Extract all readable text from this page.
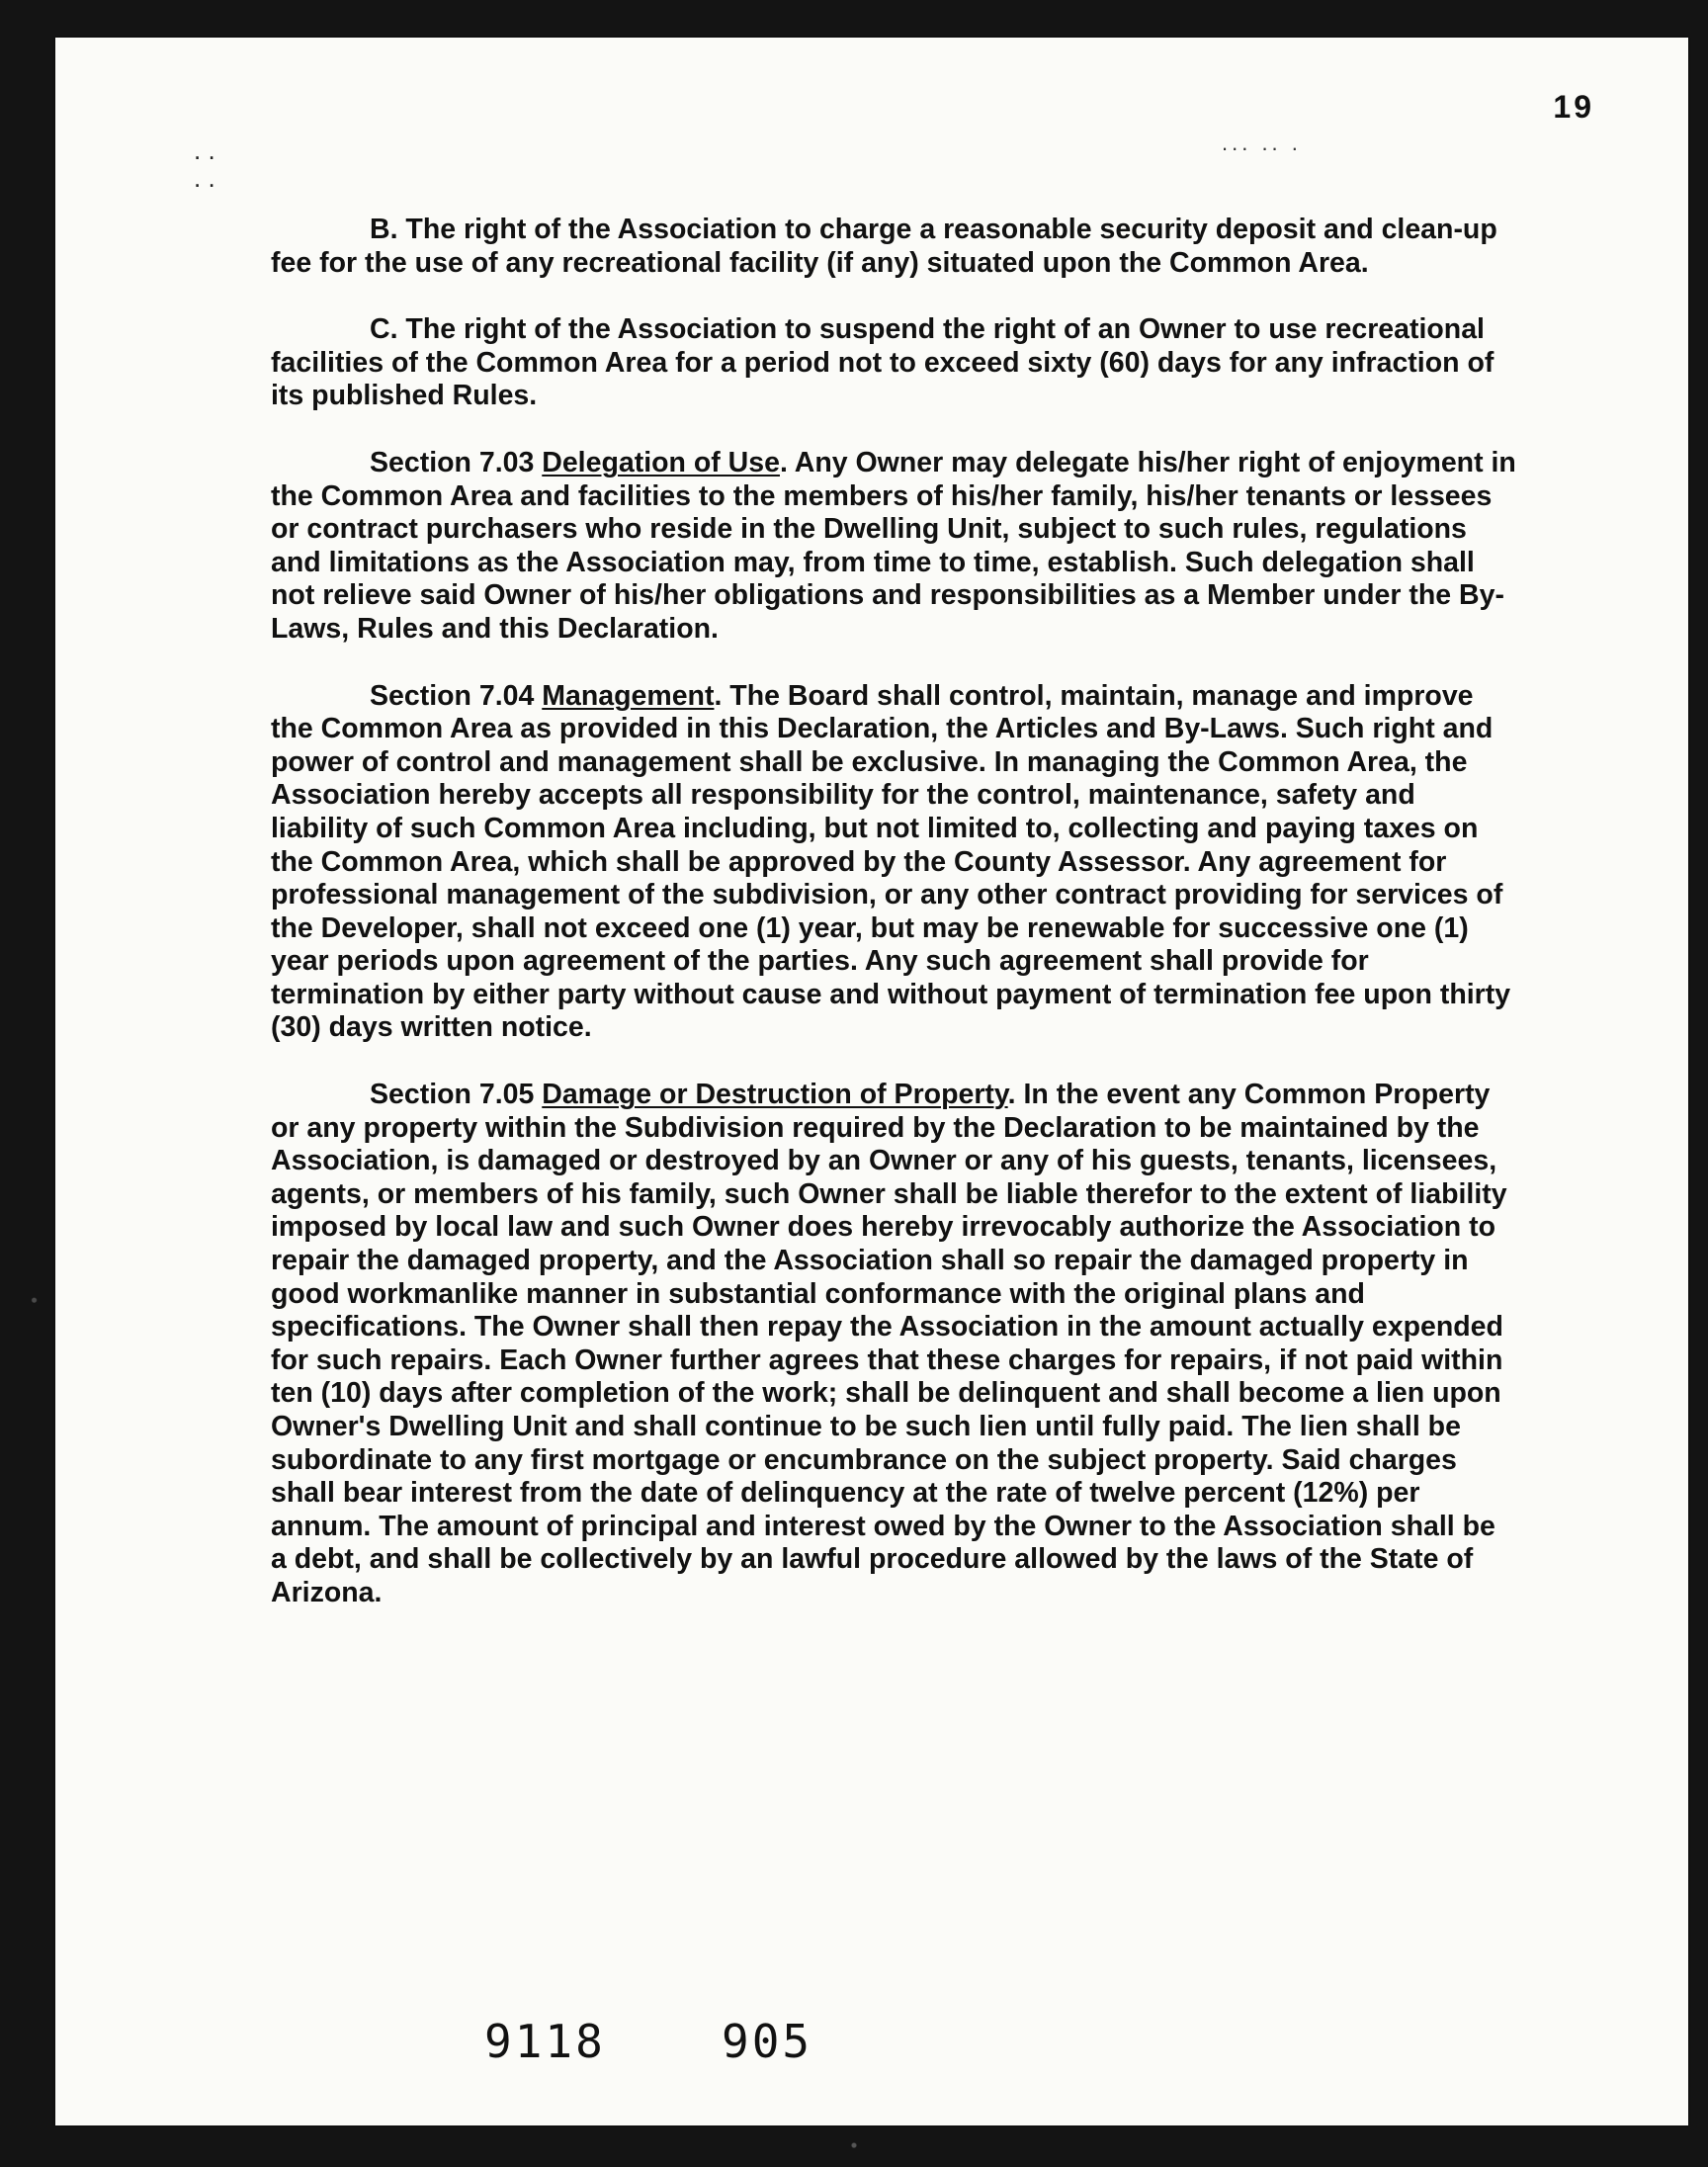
19
... .. .
. .
. .

B. The right of the Association to charge a reasonable security deposit and clean-up fee for the use of any recreational facility (if any) situated upon the Common Area.

C. The right of the Association to suspend the right of an Owner to use recreational facilities of the Common Area for a period not to exceed sixty (60) days for any infraction of its published Rules.

Section 7.03 Delegation of Use. Any Owner may delegate his/her right of enjoyment in the Common Area and facilities to the members of his/her family, his/her tenants or lessees or contract purchasers who reside in the Dwelling Unit, subject to such rules, regulations and limitations as the Association may, from time to time, establish. Such delegation shall not relieve said Owner of his/her obligations and responsibilities as a Member under the By-Laws, Rules and this Declaration.

Section 7.04 Management. The Board shall control, maintain, manage and improve the Common Area as provided in this Declaration, the Articles and By-Laws. Such right and power of control and management shall be exclusive. In managing the Common Area, the Association hereby accepts all responsibility for the control, maintenance, safety and liability of such Common Area including, but not limited to, collecting and paying taxes on the Common Area, which shall be approved by the County Assessor. Any agreement for professional management of the subdivision, or any other contract providing for services of the Developer, shall not exceed one (1) year, but may be renewable for successive one (1) year periods upon agreement of the parties. Any such agreement shall provide for termination by either party without cause and without payment of termination fee upon thirty (30) days written notice.

Section 7.05 Damage or Destruction of Property. In the event any Common Property or any property within the Subdivision required by the Declaration to be maintained by the Association, is damaged or destroyed by an Owner or any of his guests, tenants, licensees, agents, or members of his family, such Owner shall be liable therefor to the extent of liability imposed by local law and such Owner does hereby irrevocably authorize the Association to repair the damaged property, and the Association shall so repair the damaged property in good workmanlike manner in substantial conformance with the original plans and specifications. The Owner shall then repay the Association in the amount actually expended for such repairs. Each Owner further agrees that these charges for repairs, if not paid within ten (10) days after completion of the work; shall be delinquent and shall become a lien upon Owner's Dwelling Unit and shall continue to be such lien until fully paid. The lien shall be subordinate to any first mortgage or encumbrance on the subject property. Said charges shall bear interest from the date of delinquency at the rate of twelve percent (12%) per annum. The amount of principal and interest owed by the Owner to the Association shall be a debt, and shall be collectively by an lawful procedure allowed by the laws of the State of Arizona.

9118	905
